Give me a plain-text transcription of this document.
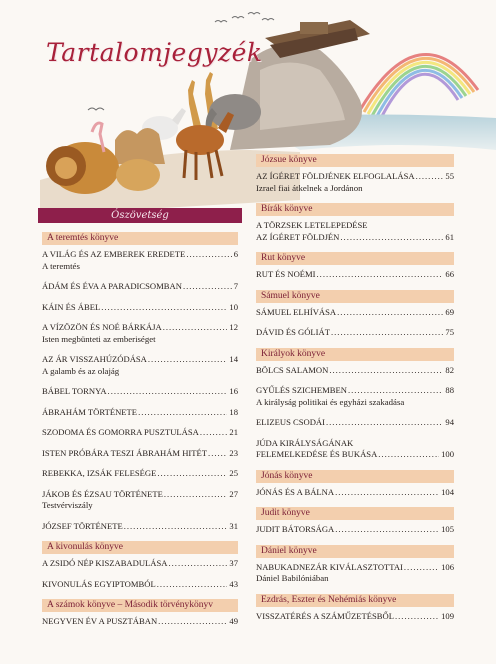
Tartalomjegyzék
Ószövetség
A teremtés könyve
A VILÁG ÉS AZ EMBEREK EREDETE .....	6
A teremtés
ÁDÁM ÉS ÉVA A PARADICSOMBAN .....	7
KÁIN ÉS ÁBEL .....	10
A VÍZÖZÖN ÉS NOÉ BÁRKÁJA .....	12
Isten megbünteti az emberiséget
AZ ÁR VISSZAHÚZÓDÁSA .....	14
A galamb és az olajág
BÁBEL TORNYA .....	16
ÁBRAHÁM TÖRTÉNETE .....	18
SZODOMA ÉS GOMORRA PUSZTULÁSA .....	21
ISTEN PRÓBÁRA TESZI ÁBRAHÁM HITÉT .....	23
REBEKKA, IZSÁK FELESÉGE .....	25
JÁKOB ÉS ÉZSAU TÖRTÉNETE .....	27
Testvérviszály
JÓZSEF TÖRTÉNETE .....	31
A kivonulás könyve
A ZSIDÓ NÉP KISZABADULÁSA .....	37
KIVONULÁS EGYIPTOMBÓL .....	43
A számok könyve – Második törvénykönyv
NEGYVEN ÉV A PUSZTÁBAN .....	49
Józsue könyve
AZ ÍGÉRET FÖLDJÉNEK ELFOGLALÁSA .....	55
Izrael fiai átkelnek a Jordánon
Bírák könyve
A TÖRZSEK LETELEPEDÉSE
AZ ÍGÉRET FÖLDJÉN .....	61
Rut könyve
RUT ÉS NOÉMI .....	66
Sámuel könyve
SÁMUEL ELHÍVÁSA .....	69
DÁVID ÉS GÓLIÁT .....	75
Királyok könyve
BÖLCS SALAMON .....	82
GYŰLÉS SZICHEMBEN .....	88
A királyság politikai és egyházi szakadása
ELIZEUS CSODÁI .....	94
JÚDA KIRÁLYSÁGÁNAK
FELEMELKEDÉSE ÉS BUKÁSA .....	100
Jónás könyve
JÓNÁS ÉS A BÁLNA .....	104
Judit könyve
JUDIT BÁTORSÁGA .....	105
Dániel könyve
NABUKADNEZÁR KIVÁLASZTOTTAI .....	106
Dániel Babilóniában
Ezdrás, Eszter és Nehémiás könyve
VISSZATÉRÉS A SZÁMŰZETÉSBŐL .....	109
